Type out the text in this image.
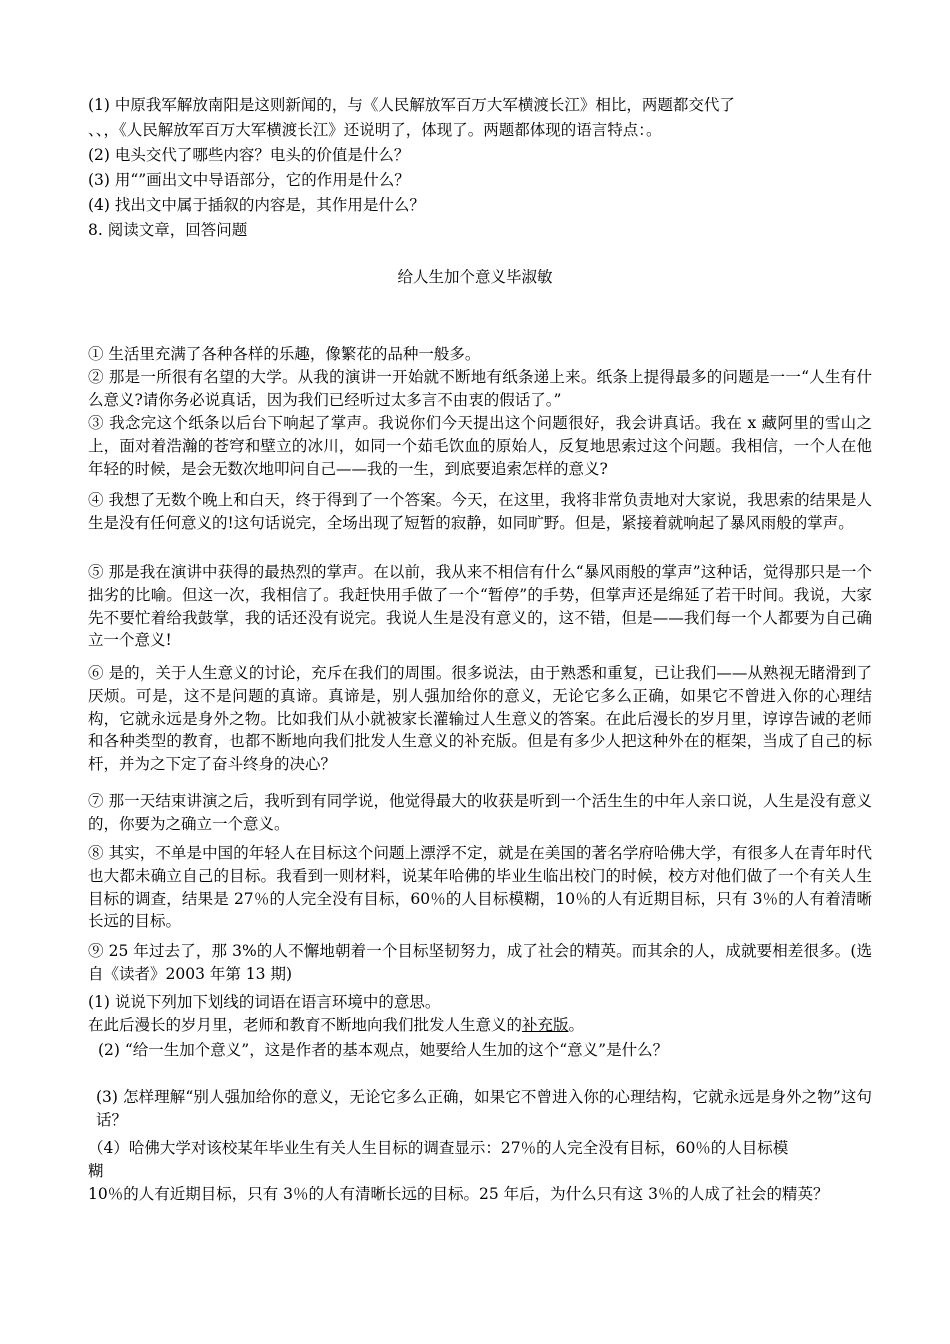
(1) 中原我军解放南阳是这则新闻的，与《人民解放军百万大军横渡长江》相比，两题都交代了
、、，《人民解放军百万大军横渡长江》还说明了，体现了。两题都体现的语言特点：。
(2) 电头交代了哪些内容？电头的价值是什么？
(3) 用“”画出文中导语部分，它的作用是什么？
(4) 找出文中属于插叙的内容是，其作用是什么？
8. 阅读文章，回答问题
给人生加个意义毕淑敏
① 生活里充满了各种各样的乐趣，像繁花的品种一般多。
② 那是一所很有名望的大学。从我的演讲一开始就不断地有纸条递上来。纸条上提得最多的问题是一一“人生有什么意义?请你务必说真话，因为我们已经听过太多言不由衷的假话了。”
③ 我念完这个纸条以后台下响起了掌声。我说你们今天提出这个问题很好，我会讲真话。我在 x 藏阿里的雪山之上，面对着浩瀚的苍穹和壁立的冰川，如同一个茹毛饮血的原始人，反复地思索过这个问题。我相信，一个人在他年轻的时候，是会无数次地叩问自己——我的一生，到底要追索怎样的意义?
④ 我想了无数个晚上和白天，终于得到了一个答案。今天，在这里，我将非常负责地对大家说，我思索的结果是人生是没有任何意义的!这句话说完，全场出现了短暂的寂静，如同旷野。但是，紧接着就响起了暴风雨般的掌声。
⑤ 那是我在演讲中获得的最热烈的掌声。在以前，我从来不相信有什么“暴风雨般的掌声”这种话，觉得那只是一个拙劣的比喻。但这一次，我相信了。我赶快用手做了一个“暂停”的手势，但掌声还是绵延了若干时间。我说，大家先不要忙着给我鼓掌，我的话还没有说完。我说人生是没有意义的，这不错，但是——我们每一个人都要为自己确立一个意义!
⑥ 是的，关于人生意义的讨论，充斥在我们的周围。很多说法，由于熟悉和重复，已让我们——从熟视无睹滑到了厌烦。可是，这不是问题的真谛。真谛是，别人强加给你的意义，无论它多么正确，如果它不曾进入你的心理结构，它就永远是身外之物。比如我们从小就被家长灌输过人生意义的答案。在此后漫长的岁月里，谆谆告诫的老师和各种类型的教育，也都不断地向我们批发人生意义的补充版。但是有多少人把这种外在的框架，当成了自己的标杆，并为之下定了奋斗终身的决心？
⑦ 那一天结束讲演之后，我听到有同学说，他觉得最大的收获是听到一个活生生的中年人亲口说，人生是没有意义的，你要为之确立一个意义。
⑧ 其实，不单是中国的年轻人在目标这个问题上漂浮不定，就是在美国的著名学府哈佛大学，有很多人在青年时代也大都未确立自己的目标。我看到一则材料，说某年哈佛的毕业生临出校门的时候，校方对他们做了一个有关人生目标的调查，结果是 27％的人完全没有目标，60％的人目标模糊，10％的人有近期目标，只有 3％的人有着清晰长远的目标。
⑨ 25 年过去了，那 3%的人不懈地朝着一个目标坚韧努力，成了社会的精英。而其余的人，成就要相差很多。(选自《读者》2003 年第 13 期)
(1) 说说下列加下划线的词语在语言环境中的意思。
在此后漫长的岁月里，老师和教育不断地向我们批发人生意义的补充版。
(2) “给一生加个意义”，这是作者的基本观点，她要给人生加的这个“意义”是什么？
(3) 怎样理解“别人强加给你的意义，无论它多么正确，如果它不曾进入你的心理结构，它就永远是身外之物”这句话？
（4）哈佛大学对该校某年毕业生有关人生目标的调查显示：27％的人完全没有目标，60％的人目标模
糊
10％的人有近期目标，只有 3％的人有清晰长远的目标。25 年后，为什么只有这 3％的人成了社会的精英？
